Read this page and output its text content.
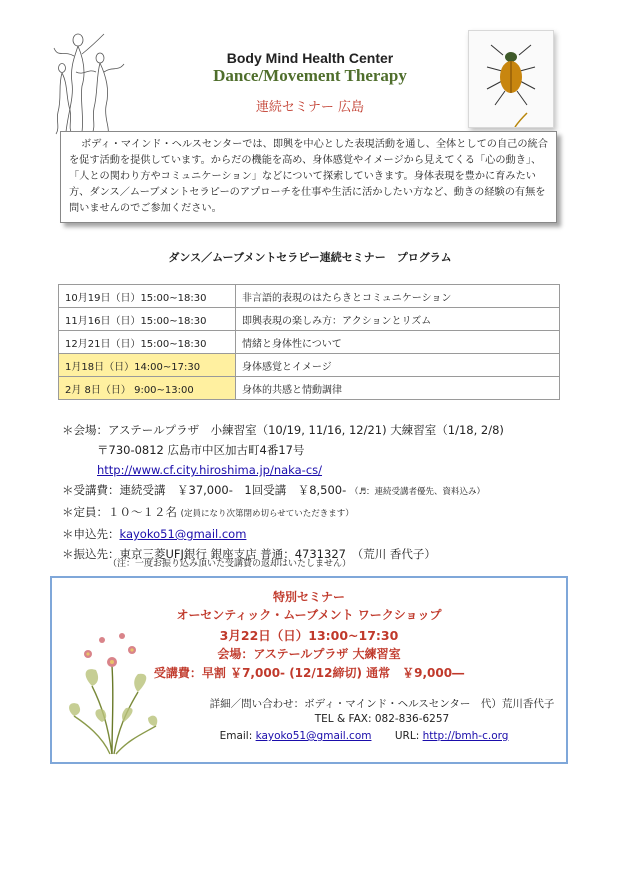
Body Mind Health Center
Dance/Movement Therapy
連続セミナー 広島

ボディ・マインド・ヘルスセンターでは、即興を中心とした表現活動を通し、全体としての自己の統合を促す活動を提供しています。からだの機能を高め、身体感覚やイメージから見えてくる「心の動き」、「人との関わり方やコミュニケーション」などについて探索していきます。身体表現を豊かに育みたい方、ダンス／ムーブメントセラピーのアプローチを仕事や生活に活かしたい方など、動きの経験の有無を問いませんのでご参加ください。

ダンス／ムーブメントセラピー連続セミナー　プログラム
10月19日（日）15:00~18:30	非言語的表現のはたらきとコミュニケーション
11月16日（日）15:00~18:30	即興表現の楽しみ方：アクションとリズム
12月21日（日）15:00~18:30	情緒と身体性について
1月18日（日）14:00~17:30	身体感覚とイメージ
2月 8日（日） 9:00~13:00	身体的共感と情動調律
＊会場：アステールプラザ　小練習室（10/19, 11/16, 12/21) 大練習室（1/18, 2/8)
〒730-0812 広島市中区加古町4番17号
http://www.cf.city.hiroshima.jp/naka-cs/
＊受講費：連続受講　￥37,000-　1回受講　￥8,500- （♬：連続受講者優先、資料込み）
＊定員：１０～１２名 (定員になり次第閉め切らせていただきます）
＊申込先：kayoko51@gmail.com
＊振込先：東京三菱UFJ銀行 銀座支店 普通：4731327　（荒川 香代子）
（注：一度お振り込み頂いた受講費の返却はいたしません）
特別セミナー
オーセンティック・ムーブメント ワークショップ
3月22日（日）13:00~17:30
会場：アステールプラザ 大練習室
受講費：早割 ￥7,000- (12/12締切) 通常　￥9,000―
詳細／問い合わせ：ボディ・マインド・ヘルスセンター　代）荒川香代子
TEL & FAX: 082-836-6257
Email: kayoko51@gmail.com URL: http://bmh-c.org
